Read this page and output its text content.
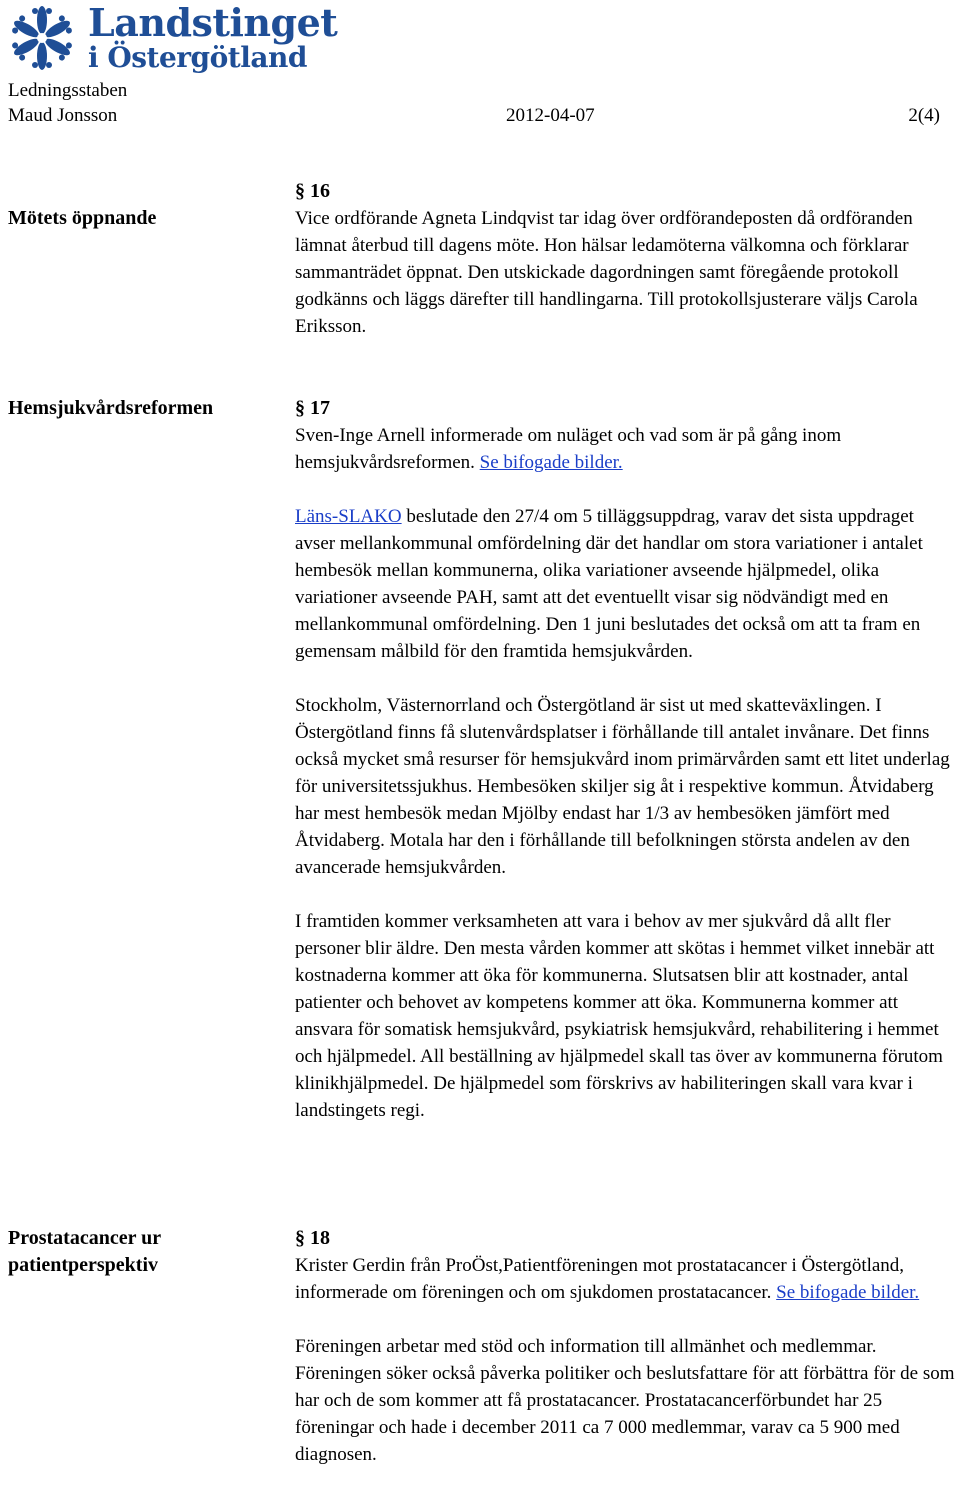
Landstinget
i Östergötland
Ledningsstaben
Maud Jonsson	2012-04-07	2(4)
Mötets öppnande
§ 16

Vice ordförande Agneta Lindqvist tar idag över ordförandeposten då ordföranden lämnat återbud till dagens möte. Hon hälsar ledamöterna välkomna och förklarar sammanträdet öppnat. Den utskickade dagordningen samt föregående protokoll godkänns och läggs därefter till handlingarna. Till protokollsjusterare väljs Carola Eriksson.

Hemsjukvårdsreformen	§ 17

Sven-Inge Arnell informerade om nuläget och vad som är på gång inom hemsjukvårdsreformen. Se bifogade bilder.

Läns-SLAKO beslutade den 27/4 om 5 tilläggsuppdrag, varav det sista uppdraget avser mellankommunal omfördelning där det handlar om stora variationer i antalet hembesök mellan kommunerna, olika variationer avseende hjälpmedel, olika variationer avseende PAH, samt att det eventuellt visar sig nödvändigt med en mellankommunal omfördelning. Den 1 juni beslutades det också om att ta fram en gemensam målbild för den framtida hemsjukvården.

Stockholm, Västernorrland och Östergötland är sist ut med skatteväxlingen. I Östergötland finns få slutenvårdsplatser i förhållande till antalet invånare. Det finns också mycket små resurser för hemsjukvård inom primärvården samt ett litet underlag för universitetssjukhus. Hembesöken skiljer sig åt i respektive kommun. Åtvidaberg har mest hembesök medan Mjölby endast har 1/3 av hembesöken jämfört med Åtvidaberg. Motala har den i förhållande till befolkningen största andelen av den avancerade hemsjukvården.

I framtiden kommer verksamheten att vara i behov av mer sjukvård då allt fler personer blir äldre. Den mesta vården kommer att skötas i hemmet vilket innebär att kostnaderna kommer att öka för kommunerna. Slutsatsen blir att kostnader, antal patienter och behovet av kompetens kommer att öka. Kommunerna kommer att ansvara för somatisk hemsjukvård, psykiatrisk hemsjukvård, rehabilitering i hemmet och hjälpmedel. All beställning av hjälpmedel skall tas över av kommunerna förutom klinikhjälpmedel. De hjälpmedel som förskrivs av habiliteringen skall vara kvar i landstingets regi.

Prostatacancer ur patientperspektiv
§ 18

Krister Gerdin från ProÖst,Patientföreningen mot prostatacancer i Östergötland, informerade om föreningen och om sjukdomen prostatacancer. Se bifogade bilder.

Föreningen arbetar med stöd och information till allmänhet och medlemmar. Föreningen söker också påverka politiker och beslutsfattare för att förbättra för de som har och de som kommer att få prostatacancer. Prostatacancerförbundet har 25 föreningar och hade i december 2011 ca 7 000 medlemmar, varav ca 5 900 med diagnosen.
